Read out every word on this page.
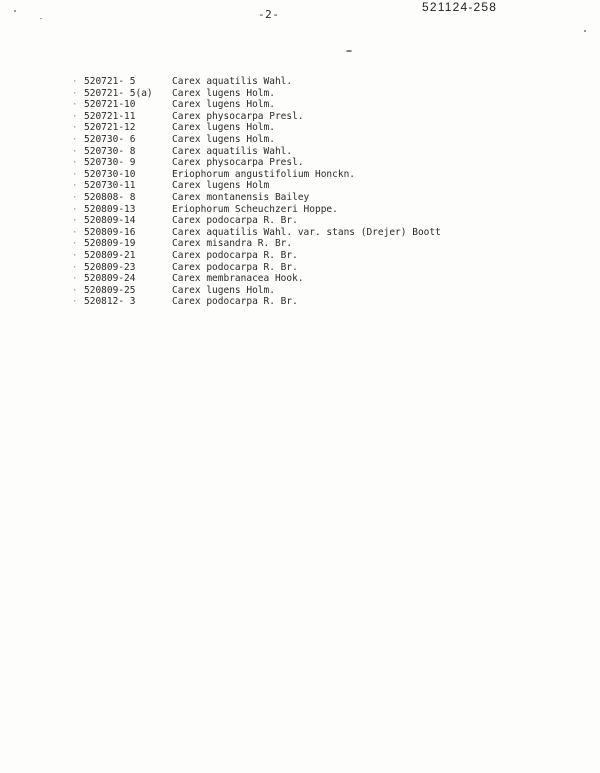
-2-
521124-258
· 520721- 5	Carex aquatilis Wahl.
· 520721- 5(a)	Carex lugens Holm.
· 520721-10	Carex lugens Holm.
· 520721-11	Carex physocarpa Presl.
· 520721-12	Carex lugens Holm.
· 520730- 6	Carex lugens Holm.
· 520730- 8	Carex aquatilis Wahl.
· 520730- 9	Carex physocarpa Presl.
· 520730-10	Eriophorum angustifolium Honckn.
· 520730-11	Carex lugens Holm
· 520808- 8	Carex montanensis Bailey
· 520809-13	Eriophorum Scheuchzeri Hoppe.
· 520809-14	Carex podocarpa R. Br.
· 520809-16	Carex aquatilis Wahl. var. stans (Drejer) Boott
· 520809-19	Carex misandra R. Br.
· 520809-21	Carex podocarpa R. Br.
· 520809-23	Carex podocarpa R. Br.
· 520809-24	Carex membranacea Hook.
· 520809-25	Carex lugens Holm.
· 520812- 3	Carex podocarpa R. Br.
